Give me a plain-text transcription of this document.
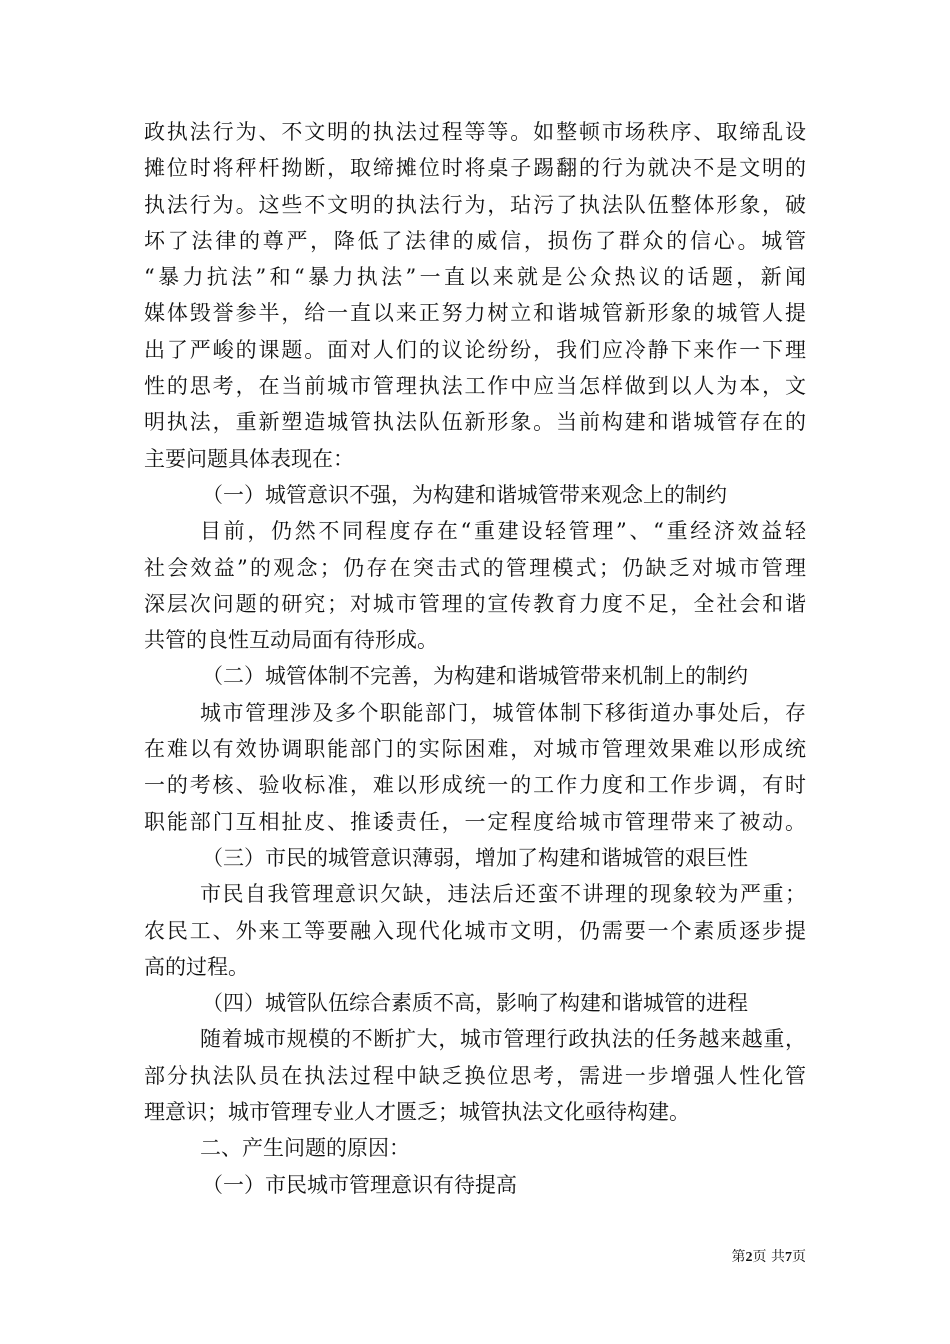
政执法行为、不文明的执法过程等等。如整顿市场秩序、取缔乱设
摊位时将秤杆拗断，取缔摊位时将桌子踢翻的行为就决不是文明的
执法行为。这些不文明的执法行为，玷污了执法队伍整体形象，破
坏了法律的尊严，降低了法律的威信，损伤了群众的信心。城管
“暴力抗法”和“暴力执法”一直以来就是公众热议的话题，新闻
媒体毁誉参半，给一直以来正努力树立和谐城管新形象的城管人提
出了严峻的课题。面对人们的议论纷纷，我们应冷静下来作一下理
性的思考，在当前城市管理执法工作中应当怎样做到以人为本，文
明执法，重新塑造城管执法队伍新形象。当前构建和谐城管存在的
主要问题具体表现在：
（一）城管意识不强，为构建和谐城管带来观念上的制约
目前，仍然不同程度存在“重建设轻管理”、“重经济效益轻
社会效益”的观念；仍存在突击式的管理模式；仍缺乏对城市管理
深层次问题的研究；对城市管理的宣传教育力度不足，全社会和谐
共管的良性互动局面有待形成。
（二）城管体制不完善，为构建和谐城管带来机制上的制约
城市管理涉及多个职能部门，城管体制下移街道办事处后，存
在难以有效协调职能部门的实际困难，对城市管理效果难以形成统
一的考核、验收标准，难以形成统一的工作力度和工作步调，有时
职能部门互相扯皮、推诿责任，一定程度给城市管理带来了被动。
（三）市民的城管意识薄弱，增加了构建和谐城管的艰巨性
市民自我管理意识欠缺，违法后还蛮不讲理的现象较为严重；
农民工、外来工等要融入现代化城市文明，仍需要一个素质逐步提
高的过程。
（四）城管队伍综合素质不高，影响了构建和谐城管的进程
随着城市规模的不断扩大，城市管理行政执法的任务越来越重，
部分执法队员在执法过程中缺乏换位思考，需进一步增强人性化管
理意识；城市管理专业人才匮乏；城管执法文化亟待构建。
二、产生问题的原因：
（一）市民城市管理意识有待提高
第2页 共7页
